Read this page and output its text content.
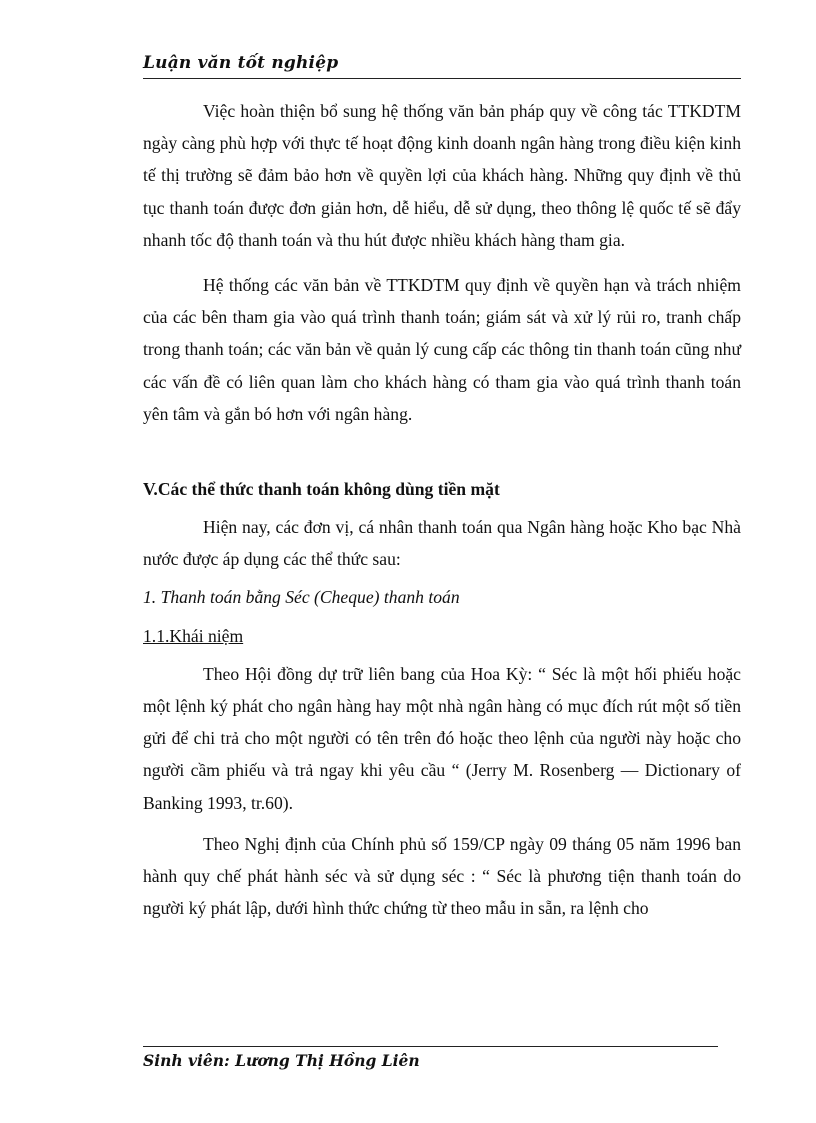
Luận văn tốt nghiệp

Việc hoàn thiện bổ sung hệ thống văn bản pháp quy về công tác TTKDTM ngày càng phù hợp với thực tế hoạt động kinh doanh ngân hàng trong điều kiện kinh tế thị trường sẽ đảm bảo hơn về quyền lợi của khách hàng. Những quy định về thủ tục thanh toán được đơn giản hơn, dễ hiểu, dễ sử dụng, theo thông lệ quốc tế sẽ đẩy nhanh tốc độ thanh toán và thu hút được nhiều khách hàng tham gia.

Hệ thống các văn bản về TTKDTM quy định về quyền hạn và trách nhiệm của các bên tham gia vào quá trình thanh toán; giám sát và xử lý rủi ro, tranh chấp trong thanh toán; các văn bản về quản lý cung cấp các thông tin thanh toán cũng như các vấn đề có liên quan làm cho khách hàng có tham gia vào quá trình thanh toán yên tâm và gắn bó hơn với ngân hàng.

V.Các thể thức thanh toán không dùng tiền mặt

Hiện nay, các đơn vị, cá nhân thanh toán qua Ngân hàng hoặc Kho bạc Nhà nước được áp dụng các thể thức sau:

1. Thanh toán bằng Séc (Cheque) thanh toán

1.1.Khái niệm

Theo Hội đồng dự trữ liên bang của Hoa Kỳ: “ Séc là một hối phiếu hoặc một lệnh ký phát cho ngân hàng hay một nhà ngân hàng có mục đích rút một số tiền gửi để chi trả cho một người có tên trên đó hoặc theo lệnh của người này hoặc cho người cầm phiếu và trả ngay khi yêu cầu “ (Jerry M. Rosenberg — Dictionary of Banking 1993, tr.60).

Theo Nghị định của Chính phủ số 159/CP ngày 09 tháng 05 năm 1996 ban hành quy chế phát hành séc và sử dụng séc : “ Séc là phương tiện thanh toán do người ký phát lập, dưới hình thức chứng từ theo mẫu in sẵn, ra lệnh cho

Sinh viên: Lương Thị Hồng Liên
